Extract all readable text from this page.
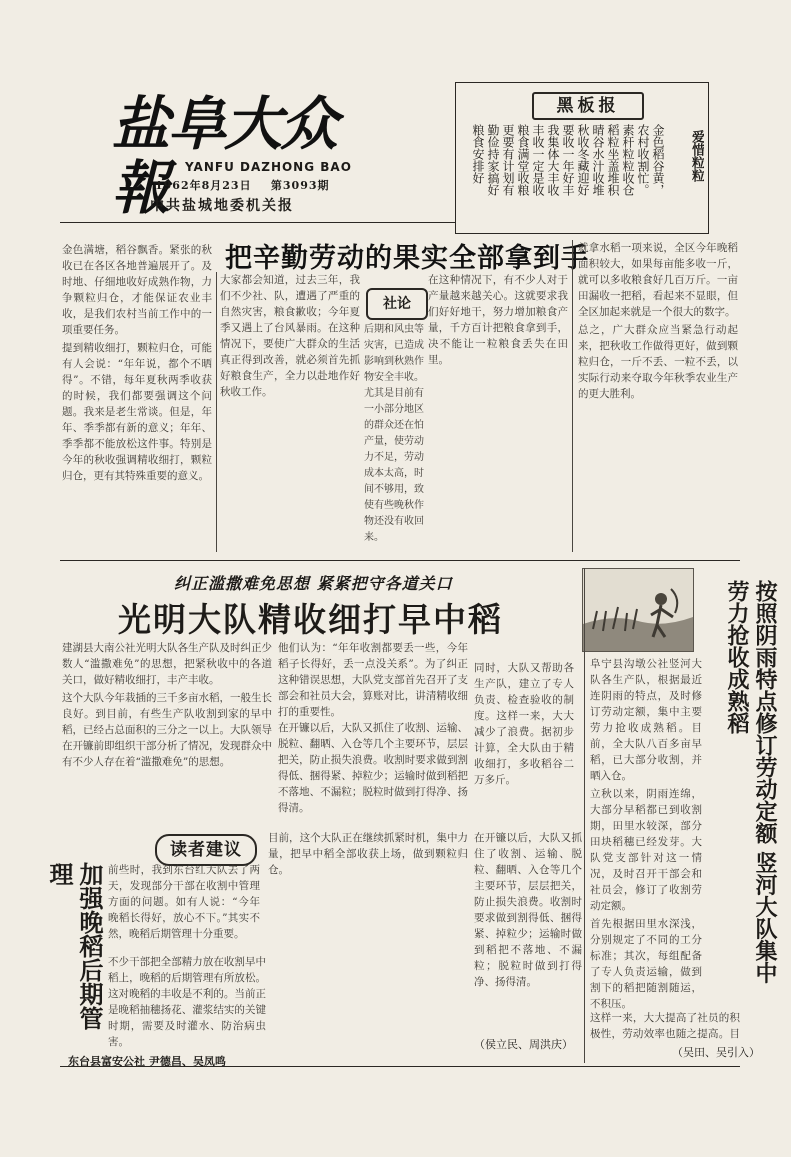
盐阜大众報	YANFU DAZHONG BAO
1962年8月23日 第3093期
中共盐城地委机关报
黑板报
爱惜粒粒
金色稻谷黄，
农村收割忙。
素秆粒粒收仓
稻粒坐盖堆积
晴谷水汁收堆
秋收冬藏迎好
要收一年好丰
我集体大丰收
丰收一定是收
粮食满堂收粮
更要有计划有
勤俭持家搞好
粮食安排好
把辛勤劳动的果实全部拿到手
社论

金色满塘，稻谷飘香。紧张的秋收已在各区各地普遍展开了。及时地、仔细地收好成熟作物，力争颗粒归仓，才能保证农业丰收，是我们农村当前工作中的一项重要任务。

提到精收细打，颗粒归仓，可能有人会说：“年年说，都个不晒得”。不错，每年夏秋两季收获的时候，我们都要强调这个问题。我来是老生常谈。但是，年年、季季都有新的意义；年年、季季都不能放松这件事。特别是今年的秋收强调精收细打，颗粒归仓，更有其特殊重要的意义。

大家都会知道，过去三年，我们不少社、队，遭遇了严重的自然灾害，粮食歉收；今年夏季又遇上了台风暴雨。在这种情况下，要使广大群众的生活真正得到改善，就必须首先抓好粮食生产，全力以赴地作好秋收工作。

后期和风虫等灾害，已造成影响到秋熟作物安全丰收。尤其是目前有一小部分地区的群众还在怕产量，使劳动力不足，劳动成本太高，时间不够用，致使有些晚秋作物还没有收回来。

在这种情况下，有不少人对于产量越来越关心。这就要求我们好好地干，努力增加粮食产量，千方百计把粮食拿到手，决不能让一粒粮食丢失在田里。

就拿水稻一项来说，全区今年晚稻面积较大，如果每亩能多收一斤，就可以多收粮食好几百万斤。一亩田漏收一把稻，看起来不显眼，但全区加起来就是一个很大的数字。

总之，广大群众应当紧急行动起来，把秋收工作做得更好，做到颗粒归仓，一斤不丢、一粒不丢，以实际行动来夺取今年秋季农业生产的更大胜利。

纠正滥撒难免思想 紧紧把守各道关口
光明大队精收细打早中稻

建湖县大南公社光明大队各生产队及时纠正少数人“滥撒难免”的思想，把紧秋收中的各道关口，做好精收细打，丰产丰收。

这个大队今年栽插的三千多亩水稻，一般生长良好。到目前，有些生产队收割到家的早中稻，已经占总面积的三分之一以上。大队领导在开镰前即组织干部分析了情况，发现群众中有不少人存在着“滥撒难免”的思想。

他们认为：“年年收割都要丢一些，今年稻子长得好，丢一点没关系”。为了纠正这种错误思想，大队党支部首先召开了支部会和社员大会，算账对比，讲清精收细打的重要性。

在开镰以后，大队又抓住了收割、运输、脱粒、翻晒、入仓等几个主要环节，层层把关，防止损失浪费。收割时要求做到割得低、捆得紧、掉粒少；运输时做到稻把不落地、不漏粒；脱粒时做到打得净、扬得清。

同时，大队又帮助各生产队，建立了专人负责、检查验收的制度。这样一来，大大减少了浪费。据初步计算，全大队由于精收细打，多收稻谷二万多斤。

目前，这个大队正在继续抓紧时机，集中力量，把早中稻全部收获上场，做到颗粒归仓。

在开镰以后，大队又抓住了收割、运输、脱粒、翻晒、入仓等几个主要环节，层层把关，防止损失浪费。收割时要求做到割得低、捆得紧、掉粒少；运输时做到稻把不落地、不漏粒；脱粒时做到打得净、扬得清。

（侯立民、周洪庆）
读者建议
加强晚稻后期管理	前些时，我到东台红大队去了两天，发现部分干部在收割中管理方面的问题。如有人说：“今年晚稻长得好，放心不下。”其实不然，晚稻后期管理十分重要。

不少干部把全部精力放在收割早中稻上，晚稻的后期管理有所放松。这对晚稻的丰收是不利的。当前正是晚稻抽穗扬花、灌浆结实的关键时期，需要及时灌水、防治病虫害。

东台县富安公社 尹德昌、吴凤鸣
按照阴雨特点修订劳动定额 竖河大队集中劳力抢收成熟稻

阜宁县沟墩公社竖河大队各生产队，根据最近连阴雨的特点，及时修订劳动定额，集中主要劳力抢收成熟稻。目前，全大队八百多亩早稻，已大部分收割，并晒入仓。

立秋以来，阴雨连绵，大部分早稻都已到收割期，田里水较深，部分田块稻穗已经发芽。大队党支部针对这一情况，及时召开干部会和社员会，修订了收割劳动定额。

首先根据田里水深浅，分别规定了不同的工分标准；其次，每组配备了专人负责运输，做到割下的稻把随割随运，不积压。

这样一来，大大提高了社员的积极性，劳动效率也随之提高。目

（吴田、吴引入）
